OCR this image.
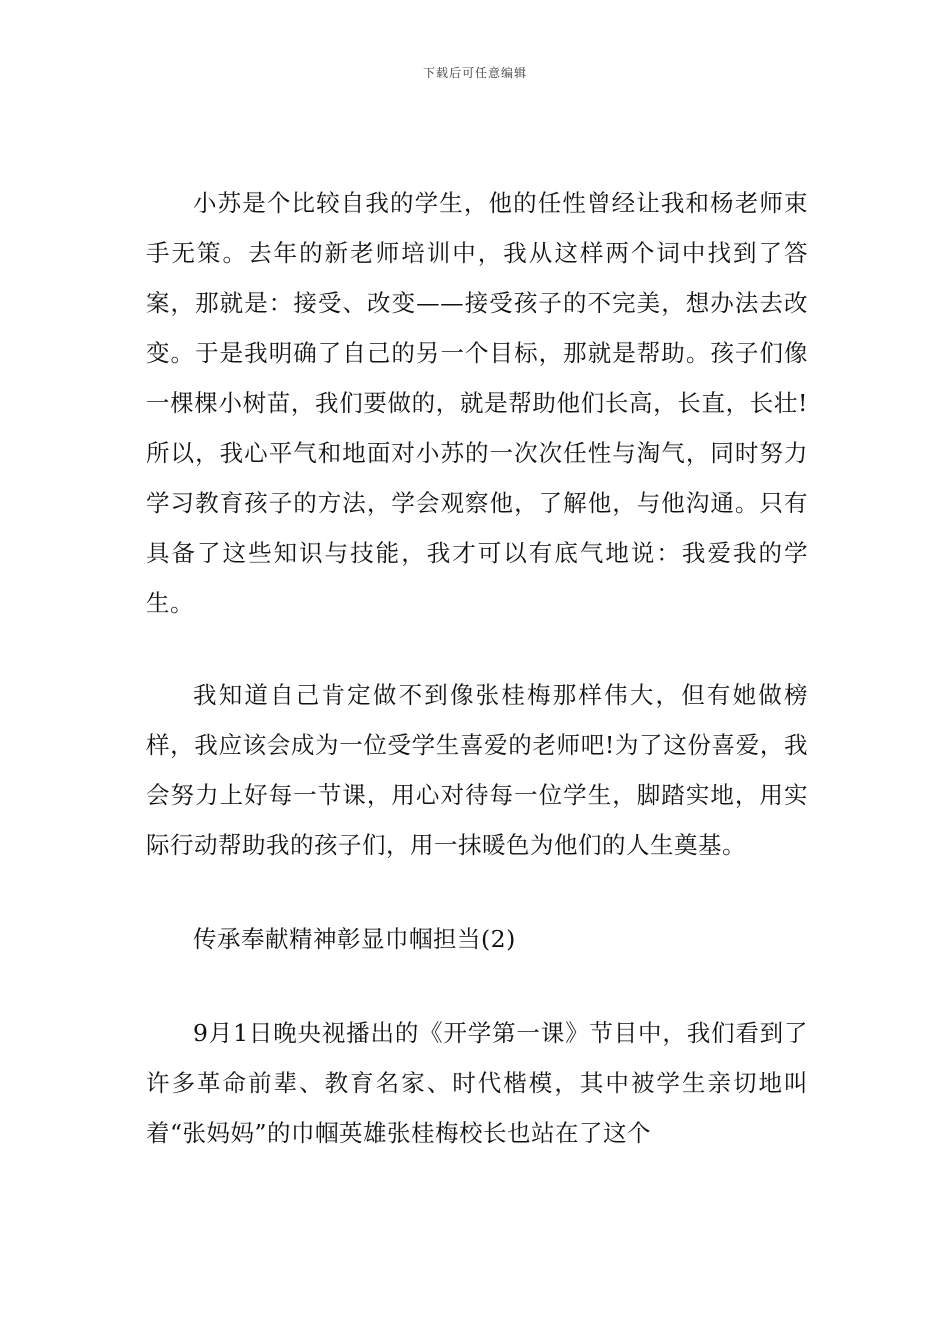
下载后可任意编辑

小苏是个比较自我的学生，他的任性曾经让我和杨老师束手无策。去年的新老师培训中，我从这样两个词中找到了答案，那就是：接受、改变——接受孩子的不完美，想办法去改变。于是我明确了自己的另一个目标，那就是帮助。孩子们像一棵棵小树苗，我们要做的，就是帮助他们长高，长直，长壮!所以，我心平气和地面对小苏的一次次任性与淘气，同时努力学习教育孩子的方法，学会观察他，了解他，与他沟通。只有具备了这些知识与技能，我才可以有底气地说：我爱我的学生。

我知道自己肯定做不到像张桂梅那样伟大，但有她做榜样，我应该会成为一位受学生喜爱的老师吧!为了这份喜爱，我会努力上好每一节课，用心对待每一位学生，脚踏实地，用实际行动帮助我的孩子们，用一抹暖色为他们的人生奠基。

传承奉献精神彰显巾帼担当(2)

9月1日晚央视播出的《开学第一课》节目中，我们看到了许多革命前辈、教育名家、时代楷模，其中被学生亲切地叫着“张妈妈”的巾帼英雄张桂梅校长也站在了这个
